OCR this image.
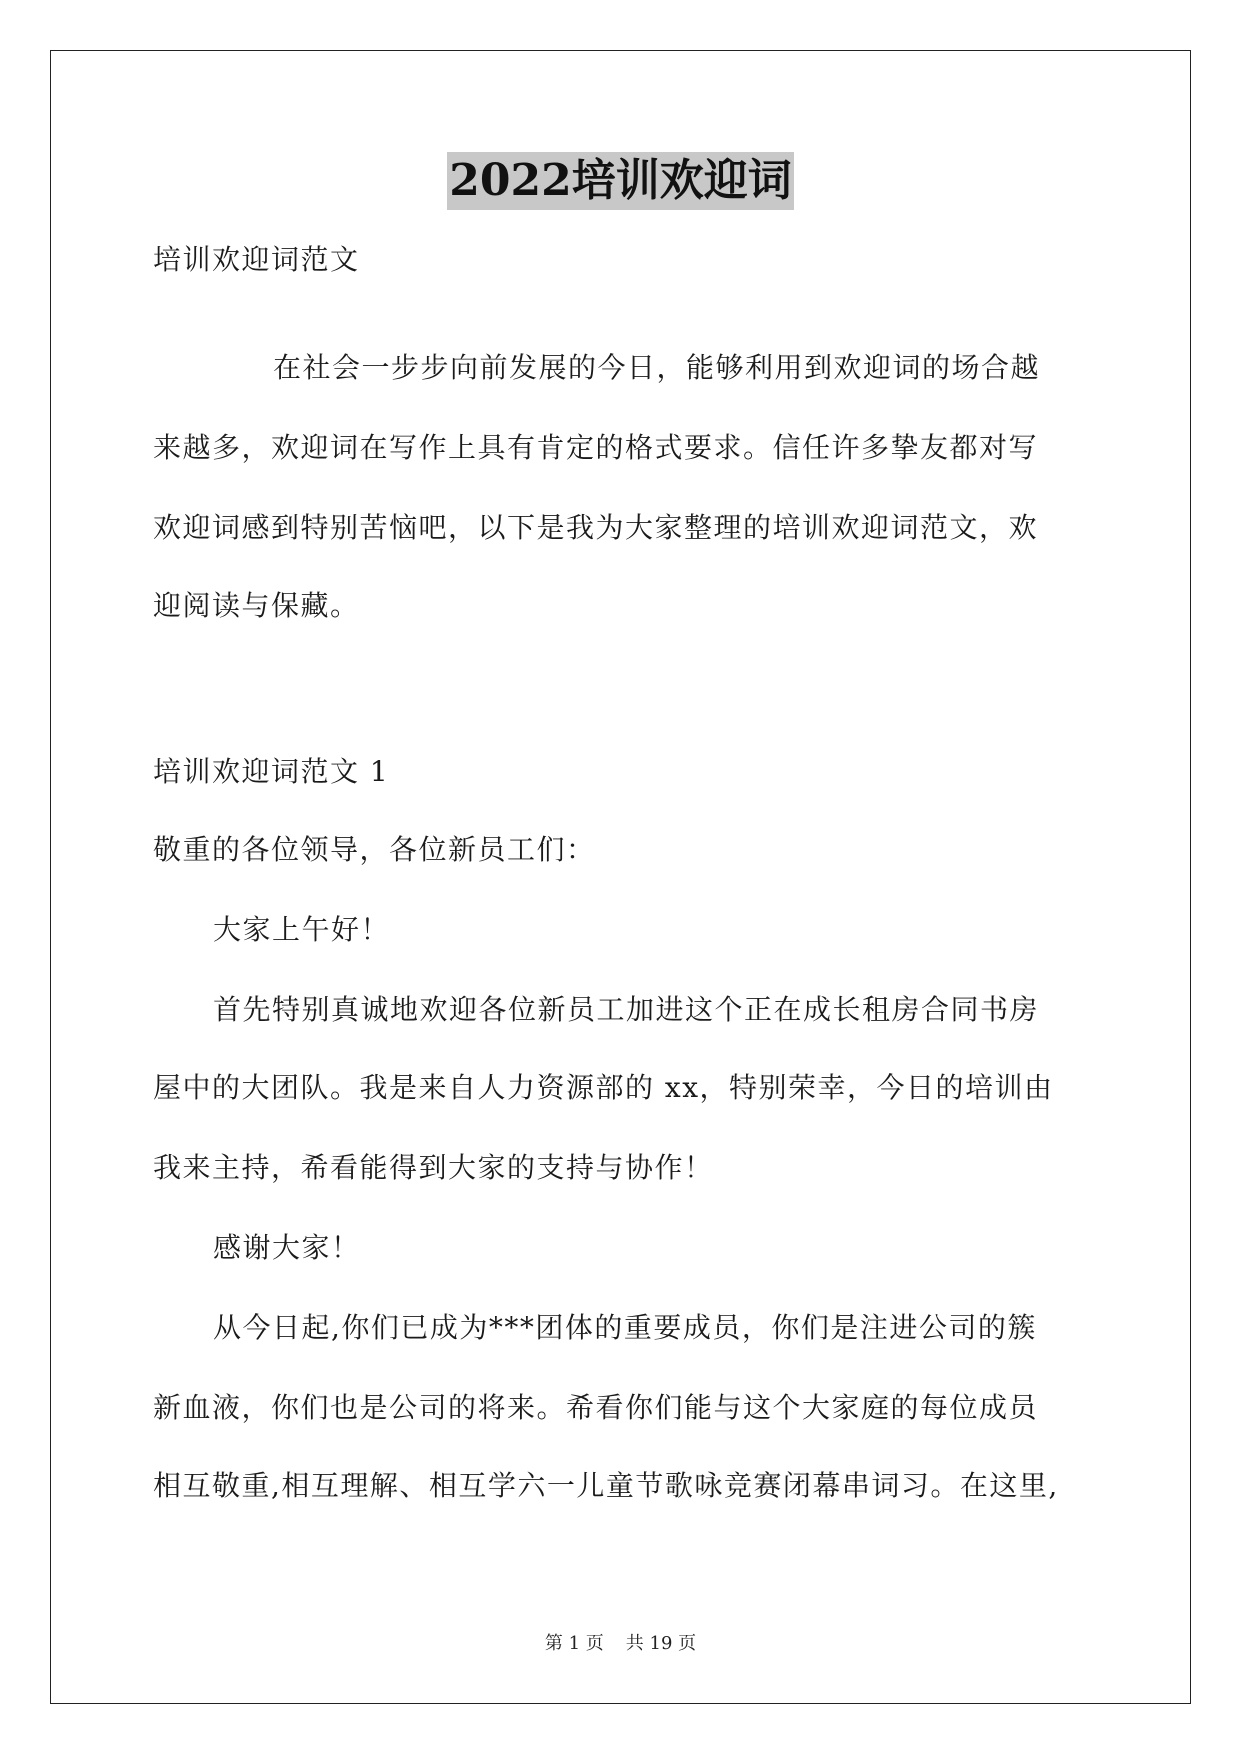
2022培训欢迎词
培训欢迎词范文
在社会一步步向前发展的今日，能够利用到欢迎词的场合越
来越多，欢迎词在写作上具有肯定的格式要求。信任许多挚友都对写
欢迎词感到特别苦恼吧，以下是我为大家整理的培训欢迎词范文，欢
迎阅读与保藏。
培训欢迎词范文 1
敬重的各位领导，各位新员工们：
大家上午好！
首先特别真诚地欢迎各位新员工加进这个正在成长租房合同书房
屋中的大团队。我是来自人力资源部的 xx，特别荣幸，今日的培训由
我来主持，希看能得到大家的支持与协作！
感谢大家！
从今日起,你们已成为***团体的重要成员，你们是注进公司的簇
新血液，你们也是公司的将来。希看你们能与这个大家庭的每位成员
相互敬重,相互理解、相互学六一儿童节歌咏竞赛闭幕串词习。在这里,
第 1 页 共 19 页
